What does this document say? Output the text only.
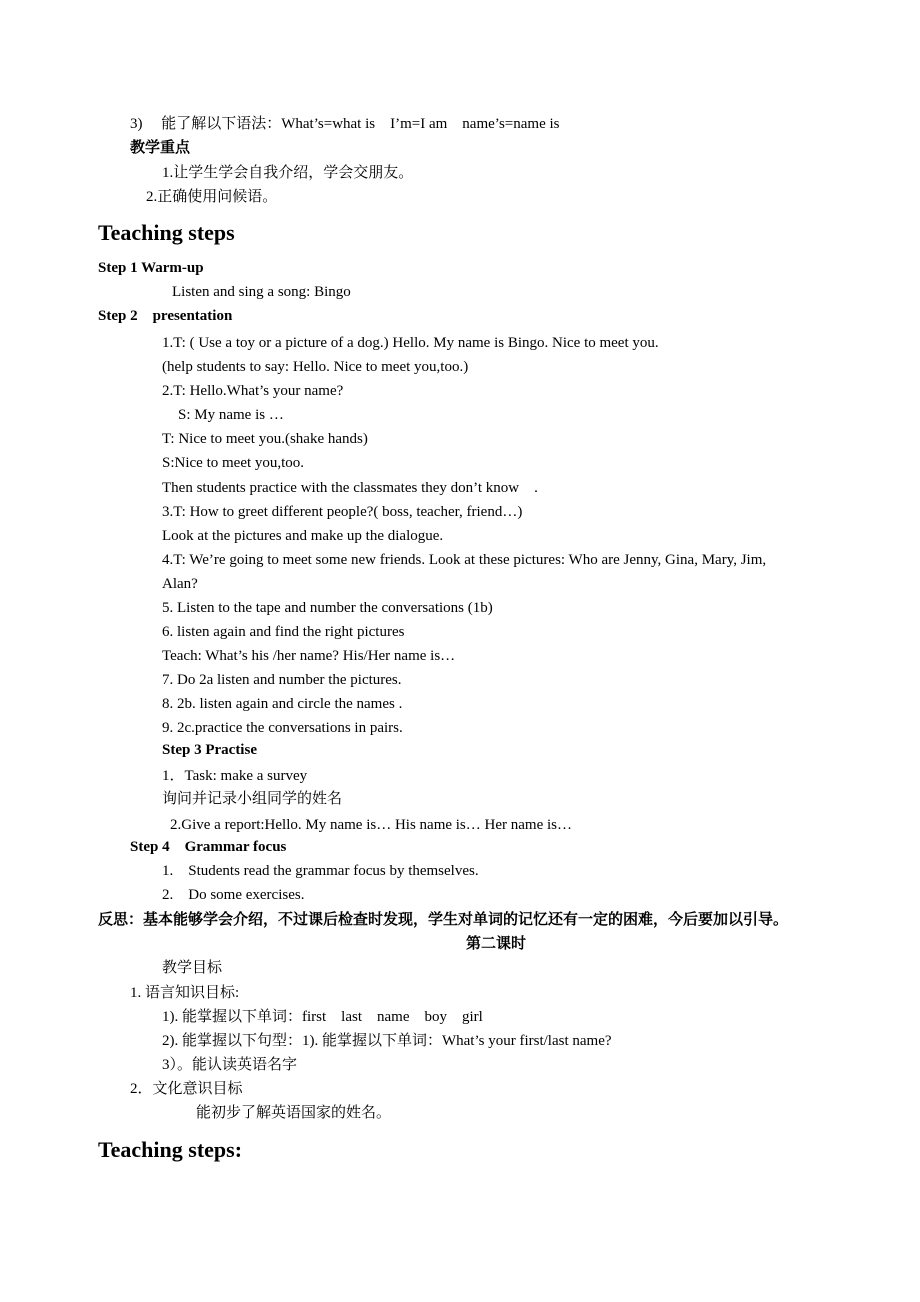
3)　 能了解以下语法：What’s=what is　I’m=I am　name’s=name is
教学重点
1.让学生学会自我介绍，学会交朋友。
2.正确使用问候语。
Teaching steps
Step 1 Warm-up
Listen and sing a song: Bingo
Step 2　presentation
1.T: ( Use a toy or a picture of a dog.) Hello. My name is Bingo. Nice to meet you.
(help students to say: Hello. Nice to meet you,too.)
2.T: Hello.What’s your name?
S: My name is …
T: Nice to meet you.(shake hands)
S:Nice to meet you,too.
Then students practice with the classmates they don’t know　.
3.T: How to greet different people?( boss, teacher, friend…)
Look at the pictures and make up the dialogue.
4.T: We’re going to meet some new friends. Look at these pictures: Who are Jenny, Gina, Mary, Jim,
Alan?
5. Listen to the tape and number the conversations (1b)
6. listen again and find the right pictures
Teach: What’s his /her name? His/Her name is…
7. Do 2a listen and number the pictures.
8. 2b. listen again and circle the names .
9. 2c.practice the conversations in pairs.
Step 3 Practise
1．Task: make a survey
询问并记录小组同学的姓名
2.Give a report:Hello. My name is… His name is… Her name is…
Step 4　Grammar focus
1.　Students read the grammar focus by themselves.
2.　Do some exercises.
反思：基本能够学会介绍，不过课后检查时发现，学生对单词的记忆还有一定的困难，今后要加以引导。
第二课时
教学目标
1. 语言知识目标:
1). 能掌握以下单词：first　last　name　boy　girl
2). 能掌握以下句型：1). 能掌握以下单词：What’s your first/last name?
3）。能认读英语名字
2．文化意识目标
能初步了解英语国家的姓名。
Teaching steps:
